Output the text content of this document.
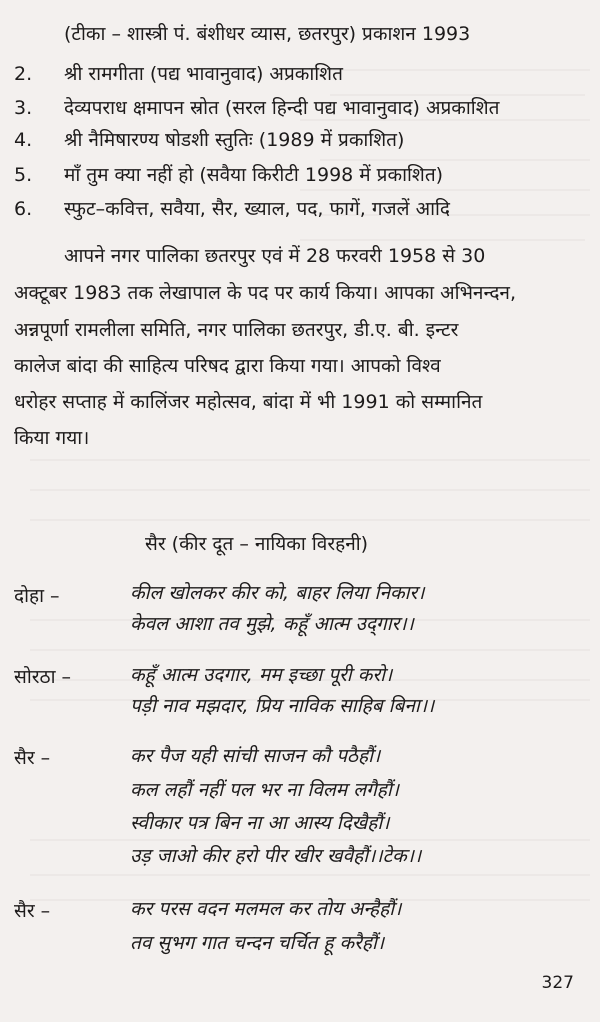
(टीका – शास्त्री पं. बंशीधर व्यास, छतरपुर) प्रकाशन 1993
2. श्री रामगीता (पद्य भावानुवाद) अप्रकाशित
3. देव्यपराध क्षमापन स्रोत (सरल हिन्दी पद्य भावानुवाद) अप्रकाशित
4. श्री नैमिषारण्य षोडशी स्तुतिः (1989 में प्रकाशित)
5. माँ तुम क्या नहीं हो (सवैया किरीटी 1998 में प्रकाशित)
6. स्फुट–कवित्त, सवैया, सैर, ख्याल, पद, फागें, गजलें आदि
आपने नगर पालिका छतरपुर एवं में 28 फरवरी 1958 से 30
अक्टूबर 1983 तक लेखापाल के पद पर कार्य किया। आपका अभिनन्दन,
अन्नपूर्णा रामलीला समिति, नगर पालिका छतरपुर, डी.ए. बी. इन्टर
कालेज बांदा की साहित्य परिषद द्वारा किया गया। आपको विश्व
धरोहर सप्ताह में कालिंजर महोत्सव, बांदा में भी 1991 को सम्मानित
किया गया।
सैर (कीर दूत – नायिका विरहनी)
दोहा –	कील खोलकर कीर को, बाहर लिया निकार।
केवल आशा तव मुझे, कहूँ आत्म उद्‌गार।।
सोरठा –	कहूँ आत्म उदगार, मम इच्छा पूरी करो।
पड़ी नाव मझदार, प्रिय नाविक साहिब बिना।।
सैर –	कर पैज यही सांची साजन कौ पठैहौं।
कल लहौं नहीं पल भर ना विलम लगैहौं।
स्वीकार पत्र बिन ना आ आस्य दिखैहौं।
उड़ जाओ कीर हरो पीर खीर खवैहौं।।टेक।।
सैर –	कर परस वदन मलमल कर तोय अन्हैहौं।
तव सुभग गात चन्दन चर्चित हू करैहौं।
327
